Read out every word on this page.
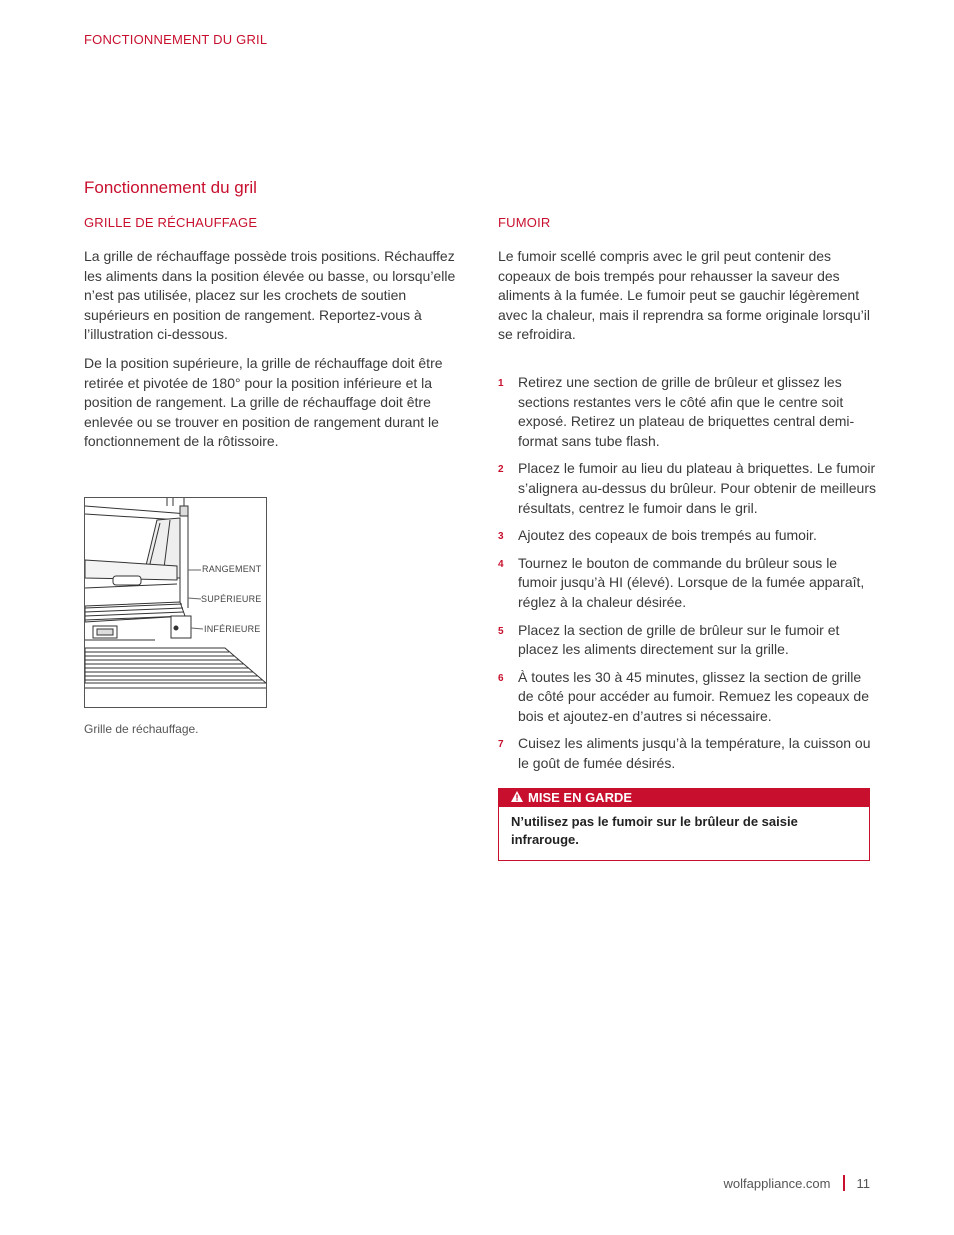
FONCTIONNEMENT DU GRIL
Fonctionnement du gril
GRILLE DE RÉCHAUFFAGE

La grille de réchauffage possède trois positions. Réchauffez les aliments dans la position élevée ou basse, ou lorsqu’elle n’est pas utilisée, placez sur les crochets de soutien supérieurs en position de rangement. Reportez-vous à l’illustration ci-dessous.

De la position supérieure, la grille de réchauffage doit être retirée et pivotée de 180° pour la position inférieure et la position de rangement. La grille de réchauffage doit être enlevée ou se trouver en position de rangement durant le fonctionnement de la rôtissoire.

RANGEMENT
SUPÉRIEURE
INFÉRIEURE
Grille de réchauffage.
FUMOIR

Le fumoir scellé compris avec le gril peut contenir des copeaux de bois trempés pour rehausser la saveur des aliments à la fumée. Le fumoir peut se gauchir légèrement avec la chaleur, mais il reprendra sa forme originale lorsqu’il se refroidira.

1 Retirez une section de grille de brûleur et glissez les sections restantes vers le côté afin que le centre soit exposé. Retirez un plateau de briquettes central demi-format sans tube flash.
2 Placez le fumoir au lieu du plateau à briquettes. Le fumoir s’alignera au-dessus du brûleur. Pour obtenir de meilleurs résultats, centrez le fumoir dans le gril.
3 Ajoutez des copeaux de bois trempés au fumoir.
4 Tournez le bouton de commande du brûleur sous le fumoir jusqu’à HI (élevé). Lorsque de la fumée apparaît, réglez à la chaleur désirée.
5 Placez la section de grille de brûleur sur le fumoir et placez les aliments directement sur la grille.
6 À toutes les 30 à 45 minutes, glissez la section de grille de côté pour accéder au fumoir. Remuez les copeaux de bois et ajoutez-en d’autres si nécessaire.
7 Cuisez les aliments jusqu’à la température, la cuisson ou le goût de fumée désirés.
MISE EN GARDE
N’utilisez pas le fumoir sur le brûleur de saisie infrarouge.
wolfappliance.com 11
